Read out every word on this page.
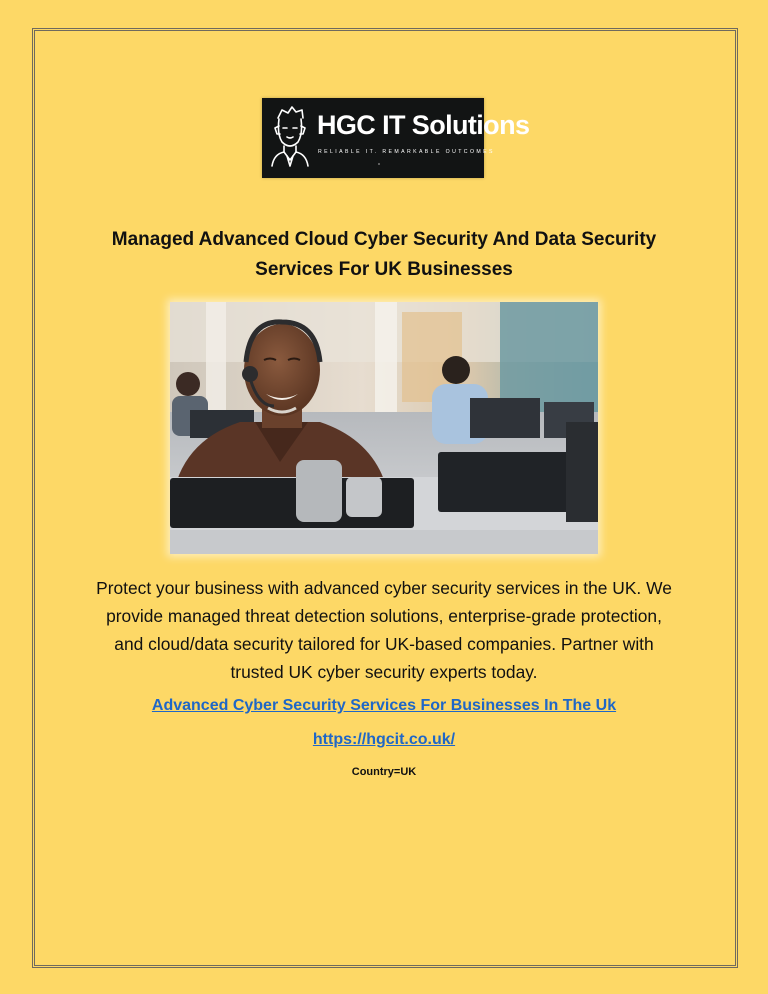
HGC IT Solutions
RELIABLE IT. REMARKABLE OUTCOMES
Managed Advanced Cloud Cyber Security And Data Security Services For UK Businesses
Protect your business with advanced cyber security services in the UK. We provide managed threat detection solutions, enterprise-grade protection, and cloud/data security tailored for UK-based companies. Partner with trusted UK cyber security experts today.
Advanced Cyber Security Services For Businesses In The Uk
https://hgcit.co.uk/
Country=UK
